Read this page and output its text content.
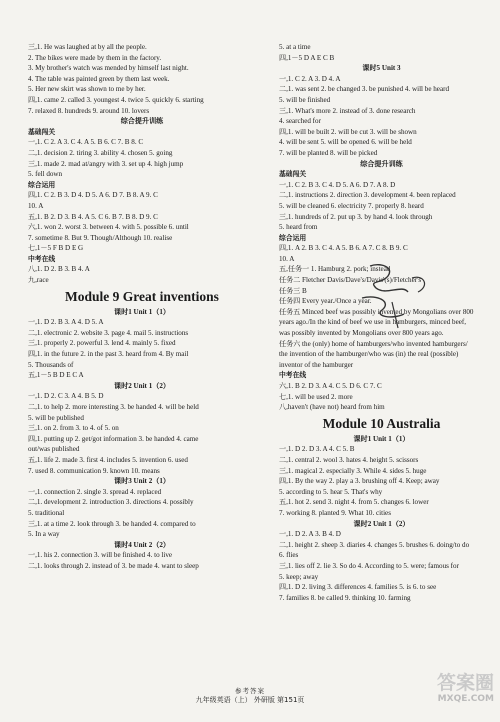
三,1. He was laughed at by all the people.
2. The bikes were made by them in the factory.
3. My brother's watch was mended by himself last night.
4. The table was painted green by them last week.
5. Her new skirt was shown to me by her.
四,1. came 2. called 3. youngest 4. twice 5. quickly 6. starting
7. relaxed 8. hundreds 9. around 10. lovers
综合提升训练
基础闯关
一,1. C 2. A 3. C 4. A 5. B 6. C 7. B 8. C
二,1. decision 2. tiring 3. ability 4. chosen 5. going
三,1. made 2. mad at/angry with 3. set up 4. high jump
5. fell down
综合运用
四,1. C 2. B 3. D 4. D 5. A 6. D 7. B 8. A 9. C
10. A
五,1. B 2. D 3. B 4. A 5. C 6. B 7. B 8. D 9. C
六,1. won 2. worst 3. between 4. with 5. possible 6. until
7. sometime 8. But 9. Though/Although 10. realise
七,1－5 F B D E G
中考在线
八,1. D 2. B 3. B 4. A
九,race
Module 9 Great inventions
课时1 Unit 1（1）
一,1. D 2. B 3. A 4. D 5. A
二,1. electronic 2. website 3. page 4. mail 5. instructions
三,1. properly 2. powerful 3. lend 4. mainly 5. fixed
四,1. in the future 2. in the past 3. heard from 4. By mail
5. Thousands of
五,1－5 B D E C A
课时2 Unit 1（2）
一,1. D 2. C 3. A 4. B 5. D
二,1. to help 2. more interesting 3. be handed 4. will be held
5. will be published
三,1. on 2. from 3. to 4. of 5. on
四,1. putting up 2. get/got information 3. be handed 4. came
out/was published
五,1. life 2. made 3. first 4. includes 5. invention 6. used
7. used 8. communication 9. known 10. means
课时3 Unit 2（1）
一,1. connection 2. single 3. spread 4. replaced
二,1. development 2. introduction 3. directions 4. possibly
5. traditional
三,1. at a time 2. look through 3. be handed 4. compared to
5. In a way
课时4 Unit 2（2）
一,1. his 2. connection 3. will be finished 4. to live
二,1. looks through 2. instead of 3. be made 4. want to sleep
5. at a time
四,1－5 D A E C B
课时5 Unit 3
一,1. C 2. A 3. D 4. A
二,1. was sent 2. be changed 3. be punished 4. will be heard
5. will be finished
三,1. What's more 2. instead of 3. done research
4. searched for
四,1. will be built 2. will be cut 3. will be shown
4. will be sent 5. will be opened 6. will be held
7. will be planted 8. will be picked
综合提升训练
基础闯关
一,1. C 2. B 3. C 4. D 5. A 6. D 7. A 8. D
二,1. instructions 2. direction 3. development 4. been replaced
5. will be cleaned 6. electricity 7. properly 8. heard
三,1. hundreds of 2. put up 3. by hand 4. look through
5. heard from
综合运用
四,1. A 2. B 3. C 4. A 5. B 6. A 7. C 8. B 9. C
10. A
五,任务一 1. Hamburg 2. pork; instead
任务二 Fletcher Davis/Dave's/Davis'(s)/Fletcher's
任务三 B
任务四 Every year./Once a year.
任务五 Minced beef was possibly invented by Mongolians over 800
years ago./In the kind of beef we use in hamburgers, minced beef,
was possibly invented by Mongolians over 800 years ago.
任务六 the (only) home of hamburgers/who invented hamburgers/
the invention of the hamburger/who was (in) the real (possible)
inventor of the hamburger
中考在线
六,1. B 2. D 3. A 4. C 5. D 6. C 7. C
七,1. will be used 2. more
八,haven't (have not) heard from him
Module 10 Australia
课时1 Unit 1（1）
一,1. D 2. D 3. A 4. C 5. B
二,1. central 2. wool 3. hates 4. height 5. scissors
三,1. magical 2. especially 3. While 4. sides 5. huge
四,1. By the way 2. play a 3. brushing off 4. Keep; away
5. according to 5. hear 5. That's why
五,1. hot 2. send 3. night 4. from 5. changes 6. lower
7. working 8. planted 9. What 10. cities
课时2 Unit 1（2）
一,1. D 2. A 3. B 4. D
二,1. height 2. sheep 3. diaries 4. changes 5. brushes 6. doing/to do
6. flies
三,1. lies off 2. lie 3. So do 4. According to 5. were; famous for
5. keep; away
四,1. D 2. living 3. differences 4. families 5. is 6. to see
7. families 8. be called 9. thinking 10. farming
参考答案
九年级英语（上） 外研版 第151页
答案圈
MXQE.COM
